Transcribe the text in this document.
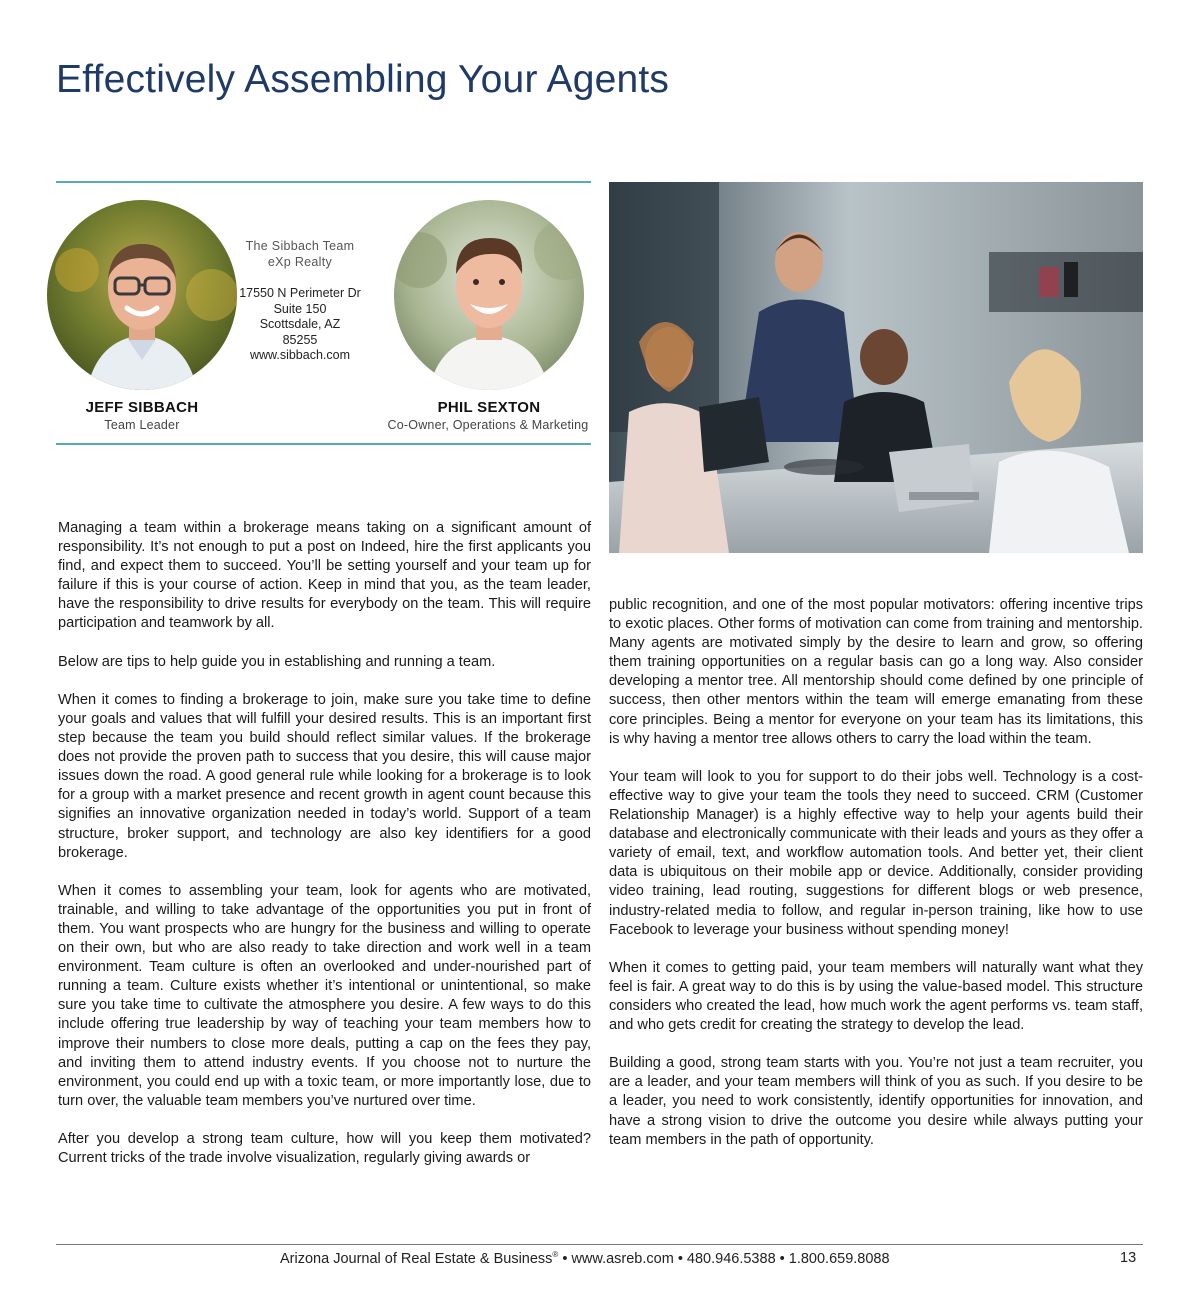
Effectively Assembling Your Agents
The Sibbach Team
eXp Realty
17550 N Perimeter Dr
Suite 150
Scottsdale, AZ
85255
www.sibbach.com
JEFF SIBBACH
Team Leader
PHIL SEXTON
Co-Owner, Operations & Marketing

Managing a team within a brokerage means taking on a significant amount of responsibility. It’s not enough to put a post on Indeed, hire the first applicants you find, and expect them to succeed. You’ll be setting yourself and your team up for failure if this is your course of action. Keep in mind that you, as the team leader, have the responsibility to drive results for everybody on the team. This will require participation and teamwork by all.

Below are tips to help guide you in establishing and running a team.

When it comes to finding a brokerage to join, make sure you take time to define your goals and values that will fulfill your desired results. This is an important first step because the team you build should reflect similar values. If the brokerage does not provide the proven path to success that you desire, this will cause major issues down the road. A good general rule while looking for a brokerage is to look for a group with a market presence and recent growth in agent count because this signifies an innovative organization needed in today’s world. Support of a team structure, broker support, and technology are also key identifiers for a good brokerage.

When it comes to assembling your team, look for agents who are motivated, trainable, and willing to take advantage of the opportunities you put in front of them. You want prospects who are hungry for the business and willing to operate on their own, but who are also ready to take direction and work well in a team environment. Team culture is often an overlooked and under-nourished part of running a team. Culture exists whether it’s intentional or unintentional, so make sure you take time to cultivate the atmosphere you desire. A few ways to do this include offering true leadership by way of teaching your team members how to improve their numbers to close more deals, putting a cap on the fees they pay, and inviting them to attend industry events. If you choose not to nurture the environment, you could end up with a toxic team, or more importantly lose, due to turn over, the valuable team members you’ve nurtured over time.

After you develop a strong team culture, how will you keep them motivated? Current tricks of the trade involve visualization, regularly giving awards or

public recognition, and one of the most popular motivators: offering incentive trips to exotic places. Other forms of motivation can come from training and mentorship. Many agents are motivated simply by the desire to learn and grow, so offering them training opportunities on a regular basis can go a long way. Also consider developing a mentor tree. All mentorship should come defined by one principle of success, then other mentors within the team will emerge emanating from these core principles. Being a mentor for everyone on your team has its limitations, this is why having a mentor tree allows others to carry the load within the team.

Your team will look to you for support to do their jobs well. Technology is a cost-effective way to give your team the tools they need to succeed. CRM (Customer Relationship Manager) is a highly effective way to help your agents build their database and electronically communicate with their leads and yours as they offer a variety of email, text, and workflow automation tools. And better yet, their client data is ubiquitous on their mobile app or device. Additionally, consider providing video training, lead routing, suggestions for different blogs or web presence, industry-related media to follow, and regular in-person training, like how to use Facebook to leverage your business without spending money!

When it comes to getting paid, your team members will naturally want what they feel is fair. A great way to do this is by using the value-based model. This structure considers who created the lead, how much work the agent performs vs. team staff, and who gets credit for creating the strategy to develop the lead.

Building a good, strong team starts with you. You’re not just a team recruiter, you are a leader, and your team members will think of you as such. If you desire to be a leader, you need to work consistently, identify opportunities for innovation, and have a strong vision to drive the outcome you desire while always putting your team members in the path of opportunity.

Arizona Journal of Real Estate & Business® • www.asreb.com • 480.946.5388 • 1.800.659.8088	13
